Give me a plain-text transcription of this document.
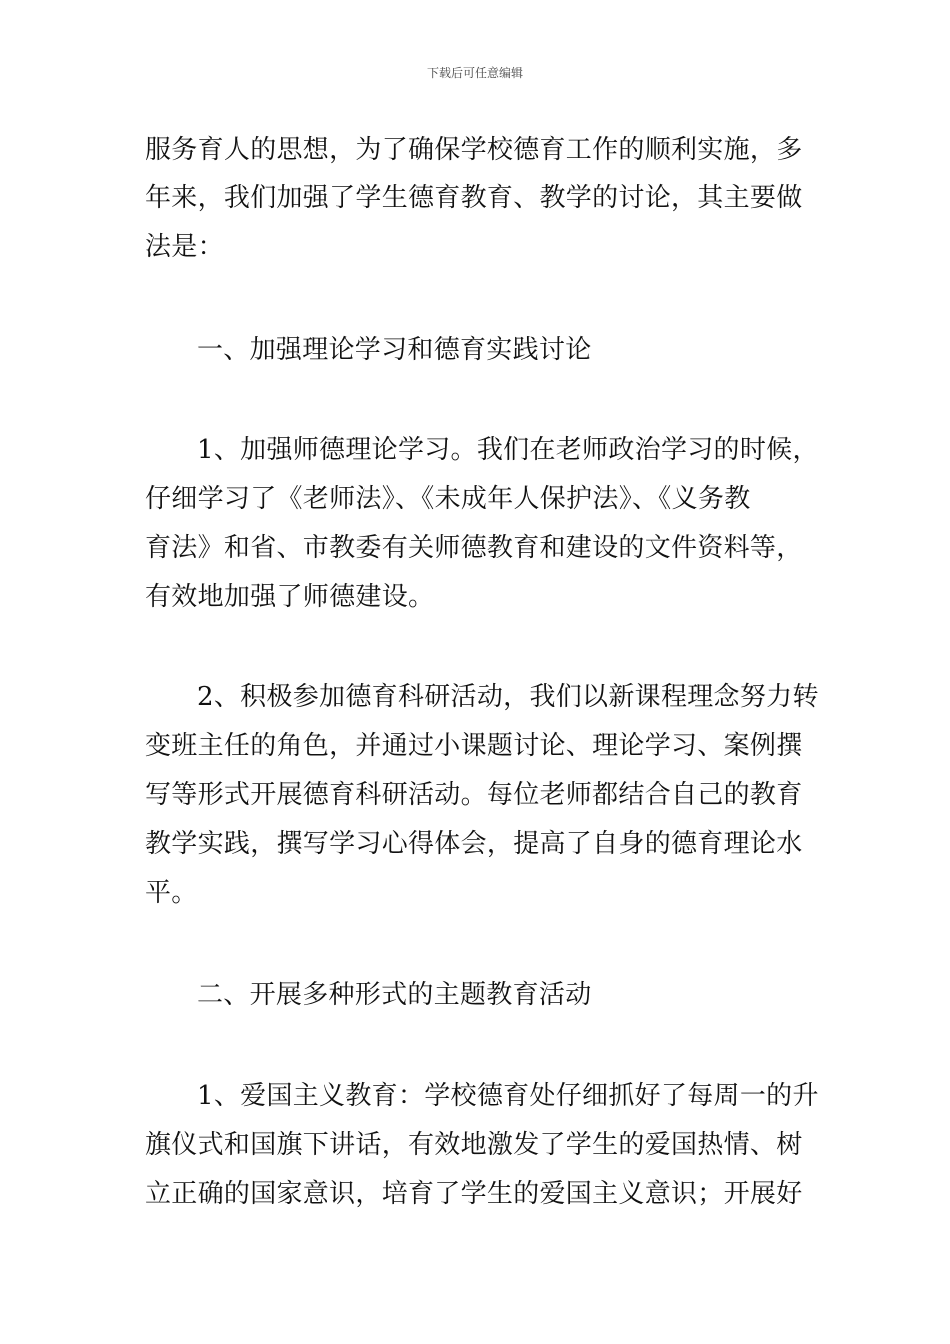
下载后可任意编辑
服务育人的思想，为了确保学校德育工作的顺利实施，多
年来，我们加强了学生德育教育、教学的讨论，其主要做
法是：
一、加强理论学习和德育实践讨论
1、加强师德理论学习。我们在老师政治学习的时候，
仔细学习了《老师法》、《未成年人保护法》、《义务教
育法》和省、市教委有关师德教育和建设的文件资料等，
有效地加强了师德建设。
2、积极参加德育科研活动，我们以新课程理念努力转
变班主任的角色，并通过小课题讨论、理论学习、案例撰
写等形式开展德育科研活动。每位老师都结合自己的教育
教学实践，撰写学习心得体会，提高了自身的德育理论水
平。
二、开展多种形式的主题教育活动
1、爱国主义教育：学校德育处仔细抓好了每周一的升
旗仪式和国旗下讲话，有效地激发了学生的爱国热情、树
立正确的国家意识，培育了学生的爱国主义意识；开展好
